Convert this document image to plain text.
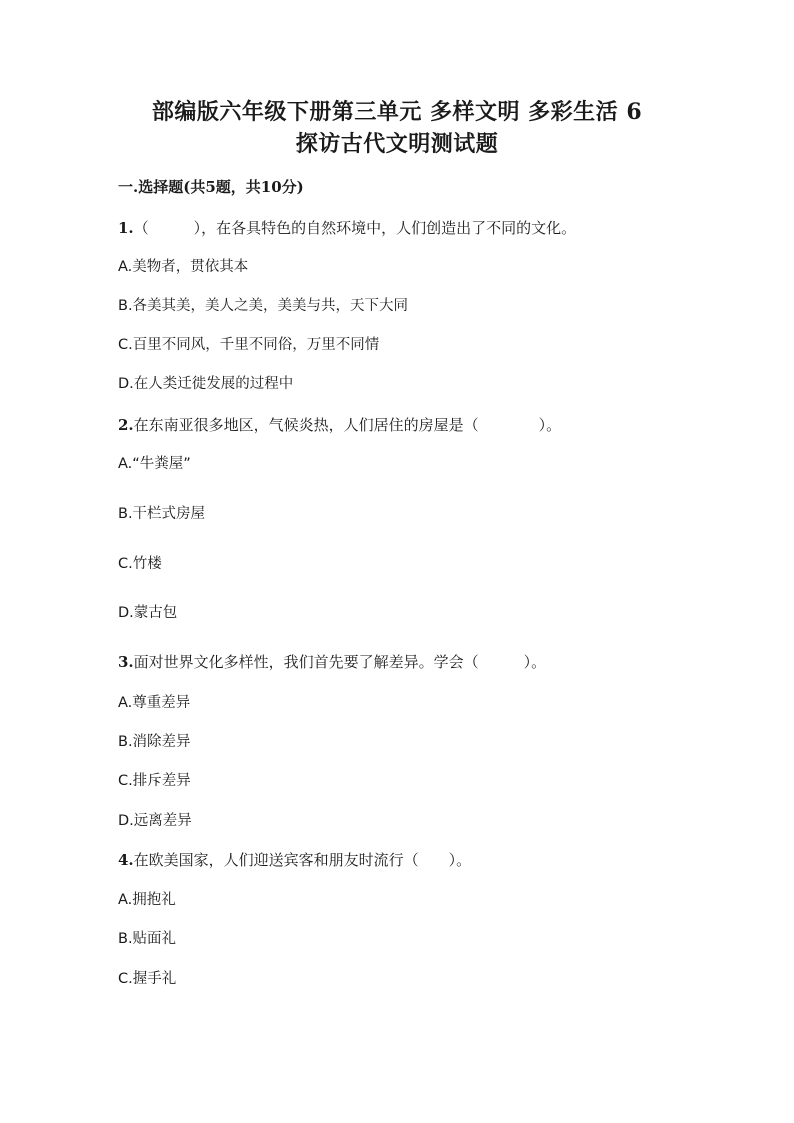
部编版六年级下册第三单元 多样文明 多彩生活 6
探访古代文明测试题
一.选择题(共5题，共10分)
1.（　　　），在各具特色的自然环境中，人们创造出了不同的文化。
A.美物者，贯依其本
B.各美其美，美人之美，美美与共，天下大同
C.百里不同风，千里不同俗，万里不同情
D.在人类迁徙发展的过程中
2.在东南亚很多地区，气候炎热，人们居住的房屋是（　　　　）。
A.“牛粪屋”
B.干栏式房屋
C.竹楼
D.蒙古包
3.面对世界文化多样性，我们首先要了解差异。学会（　　　）。
A.尊重差异
B.消除差异
C.排斥差异
D.远离差异
4.在欧美国家，人们迎送宾客和朋友时流行（　　）。
A.拥抱礼
B.贴面礼
C.握手礼
